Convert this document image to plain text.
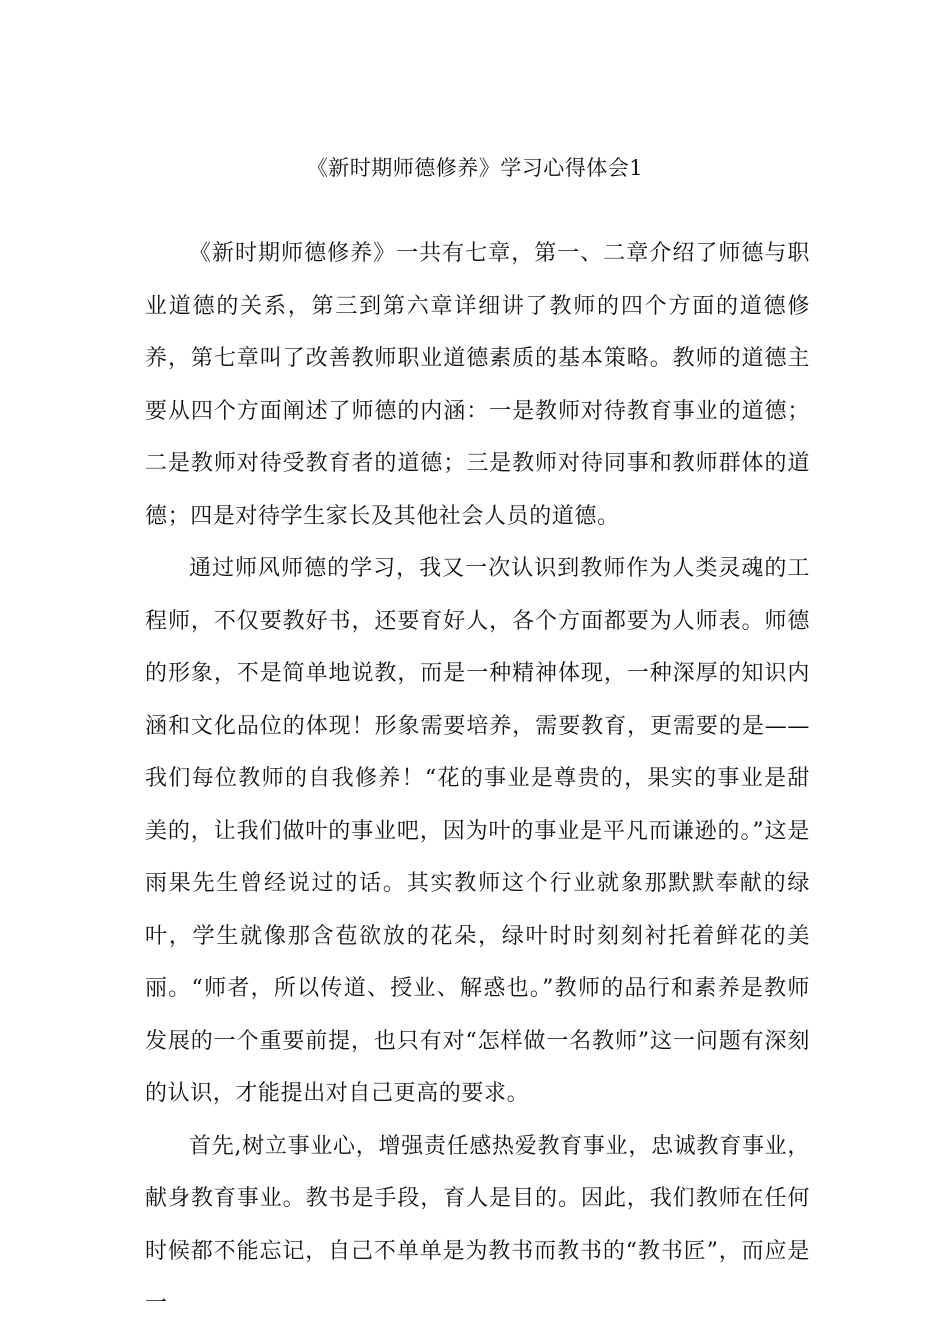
《新时期师德修养》学习心得体会1

《新时期师德修养》一共有七章，第一、二章介绍了师德与职业道德的关系，第三到第六章详细讲了教师的四个方面的道德修养，第七章叫了改善教师职业道德素质的基本策略。教师的道德主要从四个方面阐述了师德的内涵：一是教师对待教育事业的道德；二是教师对待受教育者的道德；三是教师对待同事和教师群体的道德；四是对待学生家长及其他社会人员的道德。

通过师风师德的学习，我又一次认识到教师作为人类灵魂的工程师，不仅要教好书，还要育好人，各个方面都要为人师表。师德的形象，不是简单地说教，而是一种精神体现，一种深厚的知识内涵和文化品位的体现！形象需要培养，需要教育，更需要的是——我们每位教师的自我修养！“花的事业是尊贵的，果实的事业是甜美的，让我们做叶的事业吧，因为叶的事业是平凡而谦逊的。”这是雨果先生曾经说过的话。其实教师这个行业就象那默默奉献的绿叶，学生就像那含苞欲放的花朵，绿叶时时刻刻衬托着鲜花的美丽。“师者，所以传道、授业、解惑也。”教师的品行和素养是教师发展的一个重要前提，也只有对“怎样做一名教师”这一问题有深刻的认识，才能提出对自己更高的要求。

首先,树立事业心，增强责任感热爱教育事业，忠诚教育事业，献身教育事业。教书是手段，育人是目的。因此，我们教师在任何时候都不能忘记，自己不单单是为教书而教书的“教书匠”，而应是一
